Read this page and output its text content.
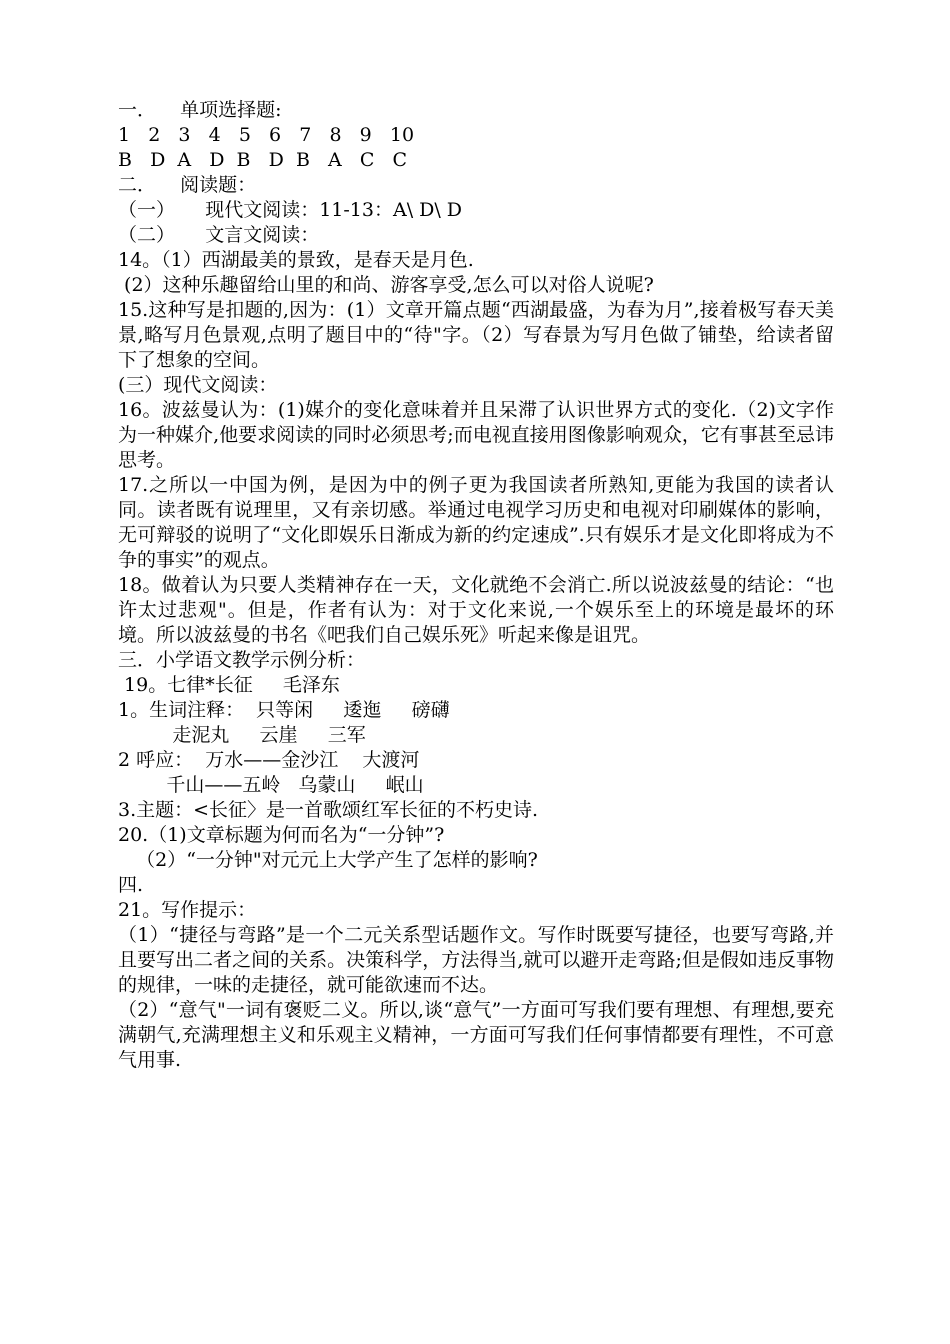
一．    单项选择题:
1   2   3   4   5   6   7   8   9   10
B   D  A   D  B   D  B   A   C   C
二．    阅读题：
（一）     现代文阅读：11-13：A\ D\ D
（二）     文言文阅读：
14。（1）西湖最美的景致，是春天是月色.
(2）这种乐趣留给山里的和尚、游客享受,怎么可以对俗人说呢?
15.这种写是扣题的,因为：(1）文章开篇点题“西湖最盛，为春为月”,接着极写春天美景,略写月色景观,点明了题目中的“待"字。（2）写春景为写月色做了铺垫，给读者留下了想象的空间。
(三）现代文阅读：
16。波兹曼认为：(1)媒介的变化意味着并且呆滞了认识世界方式的变化.（2)文字作为一种媒介,他要求阅读的同时必须思考;而电视直接用图像影响观众，它有事甚至忌讳思考。
17.之所以一中国为例，是因为中的例子更为我国读者所熟知,更能为我国的读者认同。读者既有说理里，又有亲切感。举通过电视学习历史和电视对印刷媒体的影响，无可辩驳的说明了“文化即娱乐日渐成为新的约定速成”.只有娱乐才是文化即将成为不争的事实”的观点。
18。做着认为只要人类精神存在一天，文化就绝不会消亡.所以说波兹曼的结论：“也许太过悲观"。但是，作者有认为：对于文化来说,一个娱乐至上的环境是最坏的环境。所以波兹曼的书名《吧我们自己娱乐死》听起来像是诅咒。
三．小学语文教学示例分析：
19。七律*长征     毛泽东
1。生词注释：  只等闲     逶迤     磅礴
走泥丸     云崖     三军
2 呼应：  万水——金沙江    大渡河
千山——五岭   乌蒙山     岷山
3.主题：<长征〉是一首歌颂红军长征的不朽史诗.
20.（1)文章标题为何而名为“一分钟”?
（2）“一分钟"对元元上大学产生了怎样的影响?
四.
21。写作提示：
（1）“捷径与弯路”是一个二元关系型话题作文。写作时既要写捷径，也要写弯路,并且要写出二者之间的关系。决策科学，方法得当,就可以避开走弯路;但是假如违反事物的规律，一味的走捷径，就可能欲速而不达。
（2）“意气"一词有褒贬二义。所以,谈“意气”一方面可写我们要有理想、有理想,要充满朝气,充满理想主义和乐观主义精神，一方面可写我们任何事情都要有理性，不可意气用事.
